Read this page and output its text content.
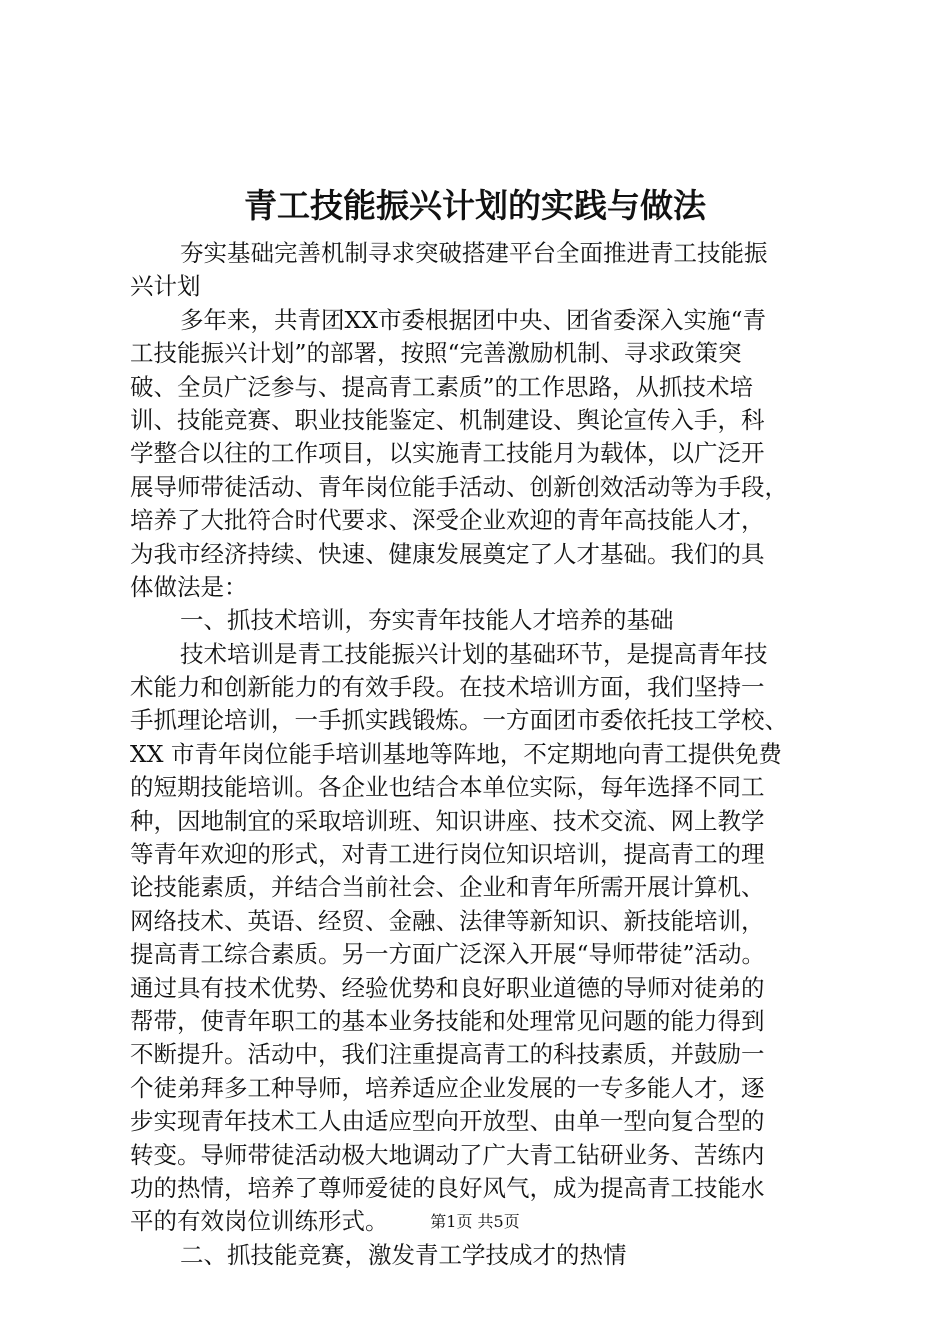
青工技能振兴计划的实践与做法
夯实基础完善机制寻求突破搭建平台全面推进青工技能振
兴计划
多年来，共青团XX市委根据团中央、团省委深入实施“青
工技能振兴计划”的部署，按照“完善激励机制、寻求政策突
破、全员广泛参与、提高青工素质”的工作思路，从抓技术培
训、技能竞赛、职业技能鉴定、机制建设、舆论宣传入手，科
学整合以往的工作项目，以实施青工技能月为载体，以广泛开
展导师带徒活动、青年岗位能手活动、创新创效活动等为手段，
培养了大批符合时代要求、深受企业欢迎的青年高技能人才，
为我市经济持续、快速、健康发展奠定了人才基础。我们的具
体做法是：
一、抓技术培训，夯实青年技能人才培养的基础
技术培训是青工技能振兴计划的基础环节，是提高青年技
术能力和创新能力的有效手段。在技术培训方面，我们坚持一
手抓理论培训，一手抓实践锻炼。一方面团市委依托技工学校、
XX 市青年岗位能手培训基地等阵地，不定期地向青工提供免费
的短期技能培训。各企业也结合本单位实际，每年选择不同工
种，因地制宜的采取培训班、知识讲座、技术交流、网上教学
等青年欢迎的形式，对青工进行岗位知识培训，提高青工的理
论技能素质，并结合当前社会、企业和青年所需开展计算机、
网络技术、英语、经贸、金融、法律等新知识、新技能培训，
提高青工综合素质。另一方面广泛深入开展“导师带徒”活动。
通过具有技术优势、经验优势和良好职业道德的导师对徒弟的
帮带，使青年职工的基本业务技能和处理常见问题的能力得到
不断提升。活动中，我们注重提高青工的科技素质，并鼓励一
个徒弟拜多工种导师，培养适应企业发展的一专多能人才，逐
步实现青年技术工人由适应型向开放型、由单一型向复合型的
转变。导师带徒活动极大地调动了广大青工钻研业务、苦练内
功的热情，培养了尊师爱徒的良好风气，成为提高青工技能水
平的有效岗位训练形式。
二、抓技能竞赛，激发青工学技成才的热情
第1页 共5页
